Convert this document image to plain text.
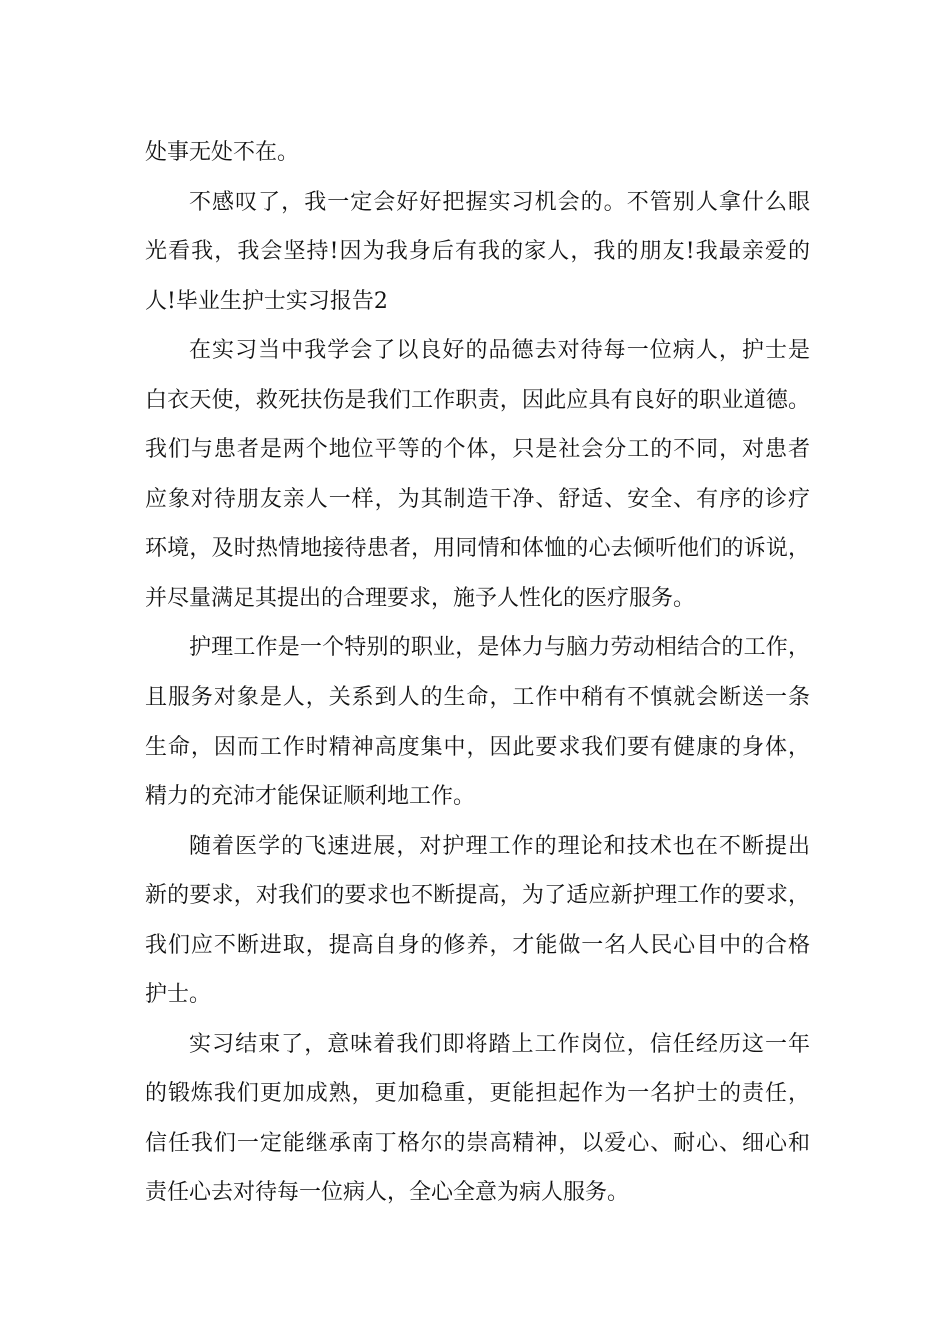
处事无处不在。
不感叹了，我一定会好好把握实习机会的。不管别人拿什么眼
光看我，我会坚持!因为我身后有我的家人，我的朋友!我最亲爱的
人!毕业生护士实习报告2
在实习当中我学会了以良好的品德去对待每一位病人，护士是
白衣天使，救死扶伤是我们工作职责，因此应具有良好的职业道德。
我们与患者是两个地位平等的个体，只是社会分工的不同，对患者
应象对待朋友亲人一样，为其制造干净、舒适、安全、有序的诊疗
环境，及时热情地接待患者，用同情和体恤的心去倾听他们的诉说，
并尽量满足其提出的合理要求，施予人性化的医疗服务。
护理工作是一个特别的职业，是体力与脑力劳动相结合的工作，
且服务对象是人，关系到人的生命，工作中稍有不慎就会断送一条
生命，因而工作时精神高度集中，因此要求我们要有健康的身体，
精力的充沛才能保证顺利地工作。
随着医学的飞速进展，对护理工作的理论和技术也在不断提出
新的要求，对我们的要求也不断提高，为了适应新护理工作的要求，
我们应不断进取，提高自身的修养，才能做一名人民心目中的合格
护士。
实习结束了，意味着我们即将踏上工作岗位，信任经历这一年
的锻炼我们更加成熟，更加稳重，更能担起作为一名护士的责任，
信任我们一定能继承南丁格尔的崇高精神，以爱心、耐心、细心和
责任心去对待每一位病人，全心全意为病人服务。
